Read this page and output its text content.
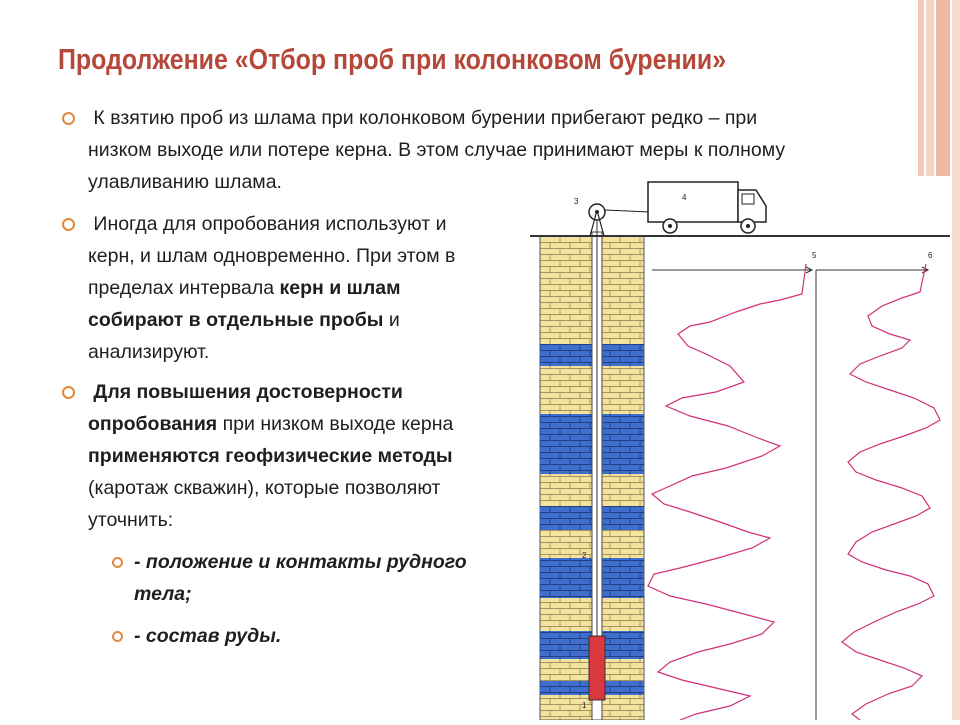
Продолжение «Отбор проб при колонковом бурении»
К взятию проб из шлама при колонковом бурении прибегают редко – при
низком выходе или потере керна. В этом случае принимают меры к полному
улавливанию шлама.
Иногда для опробования используют и
керн, и шлам одновременно. При этом в
пределах интервала керн и шлам
собирают в отдельные пробы и
анализируют.
Для повышения достоверности
опробования при низком выходе керна
применяются геофизические методы
(каротаж скважин), которые позволяют
уточнить:
- положение и контакты рудного
тела;
- состав руды.
3	4
2
1
5	6
